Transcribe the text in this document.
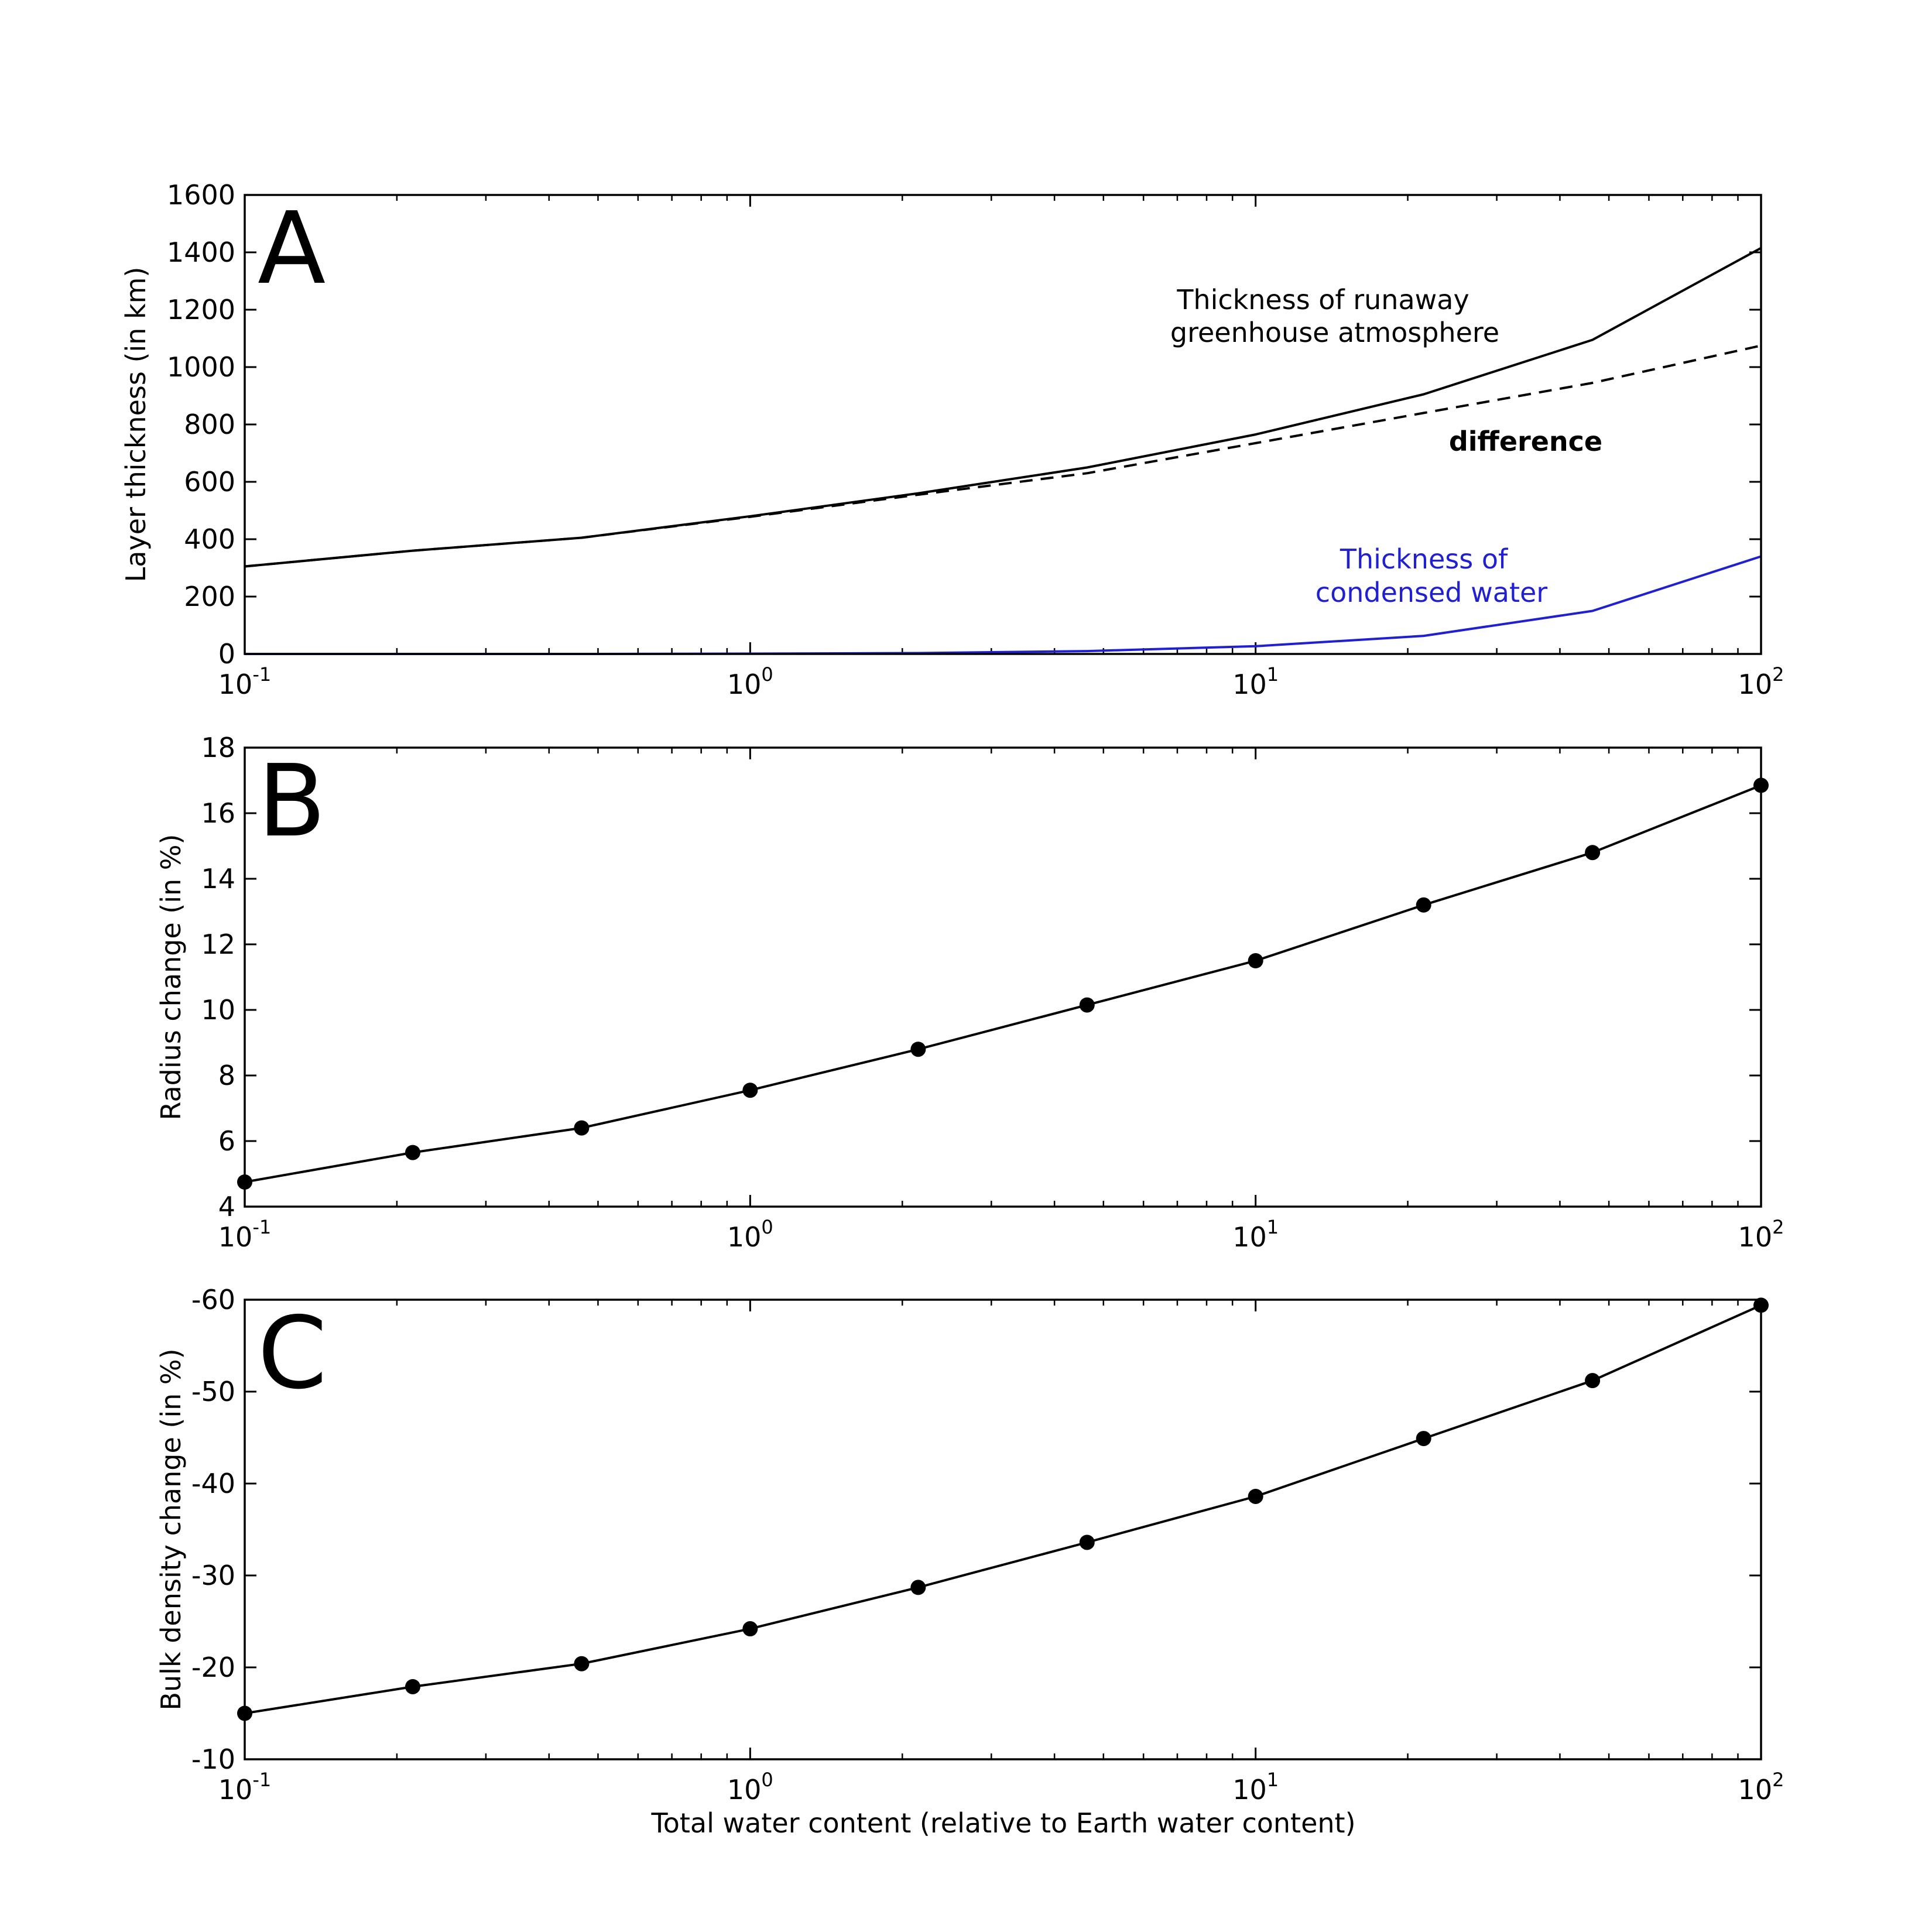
$10^{-1}$	$10^0$	$10^1$	$10^2$
0
200
400
600
800
1000
1200
1400
1600
Layer thickness (in km)
A	Thickness of runaway
greenhouse atmosphere
difference
Thickness of
condensed water
$10^{-1}$	$10^0$	$10^1$	$10^2$
4
6
8
10
12
14
16
18
Radius change (in %)
B
$10^{-1}$	$10^0$	$10^1$	$10^2$
-10
-20
-30
-40
-50
-60
Bulk density change (in %) C
Total water content (relative to Earth water content)
